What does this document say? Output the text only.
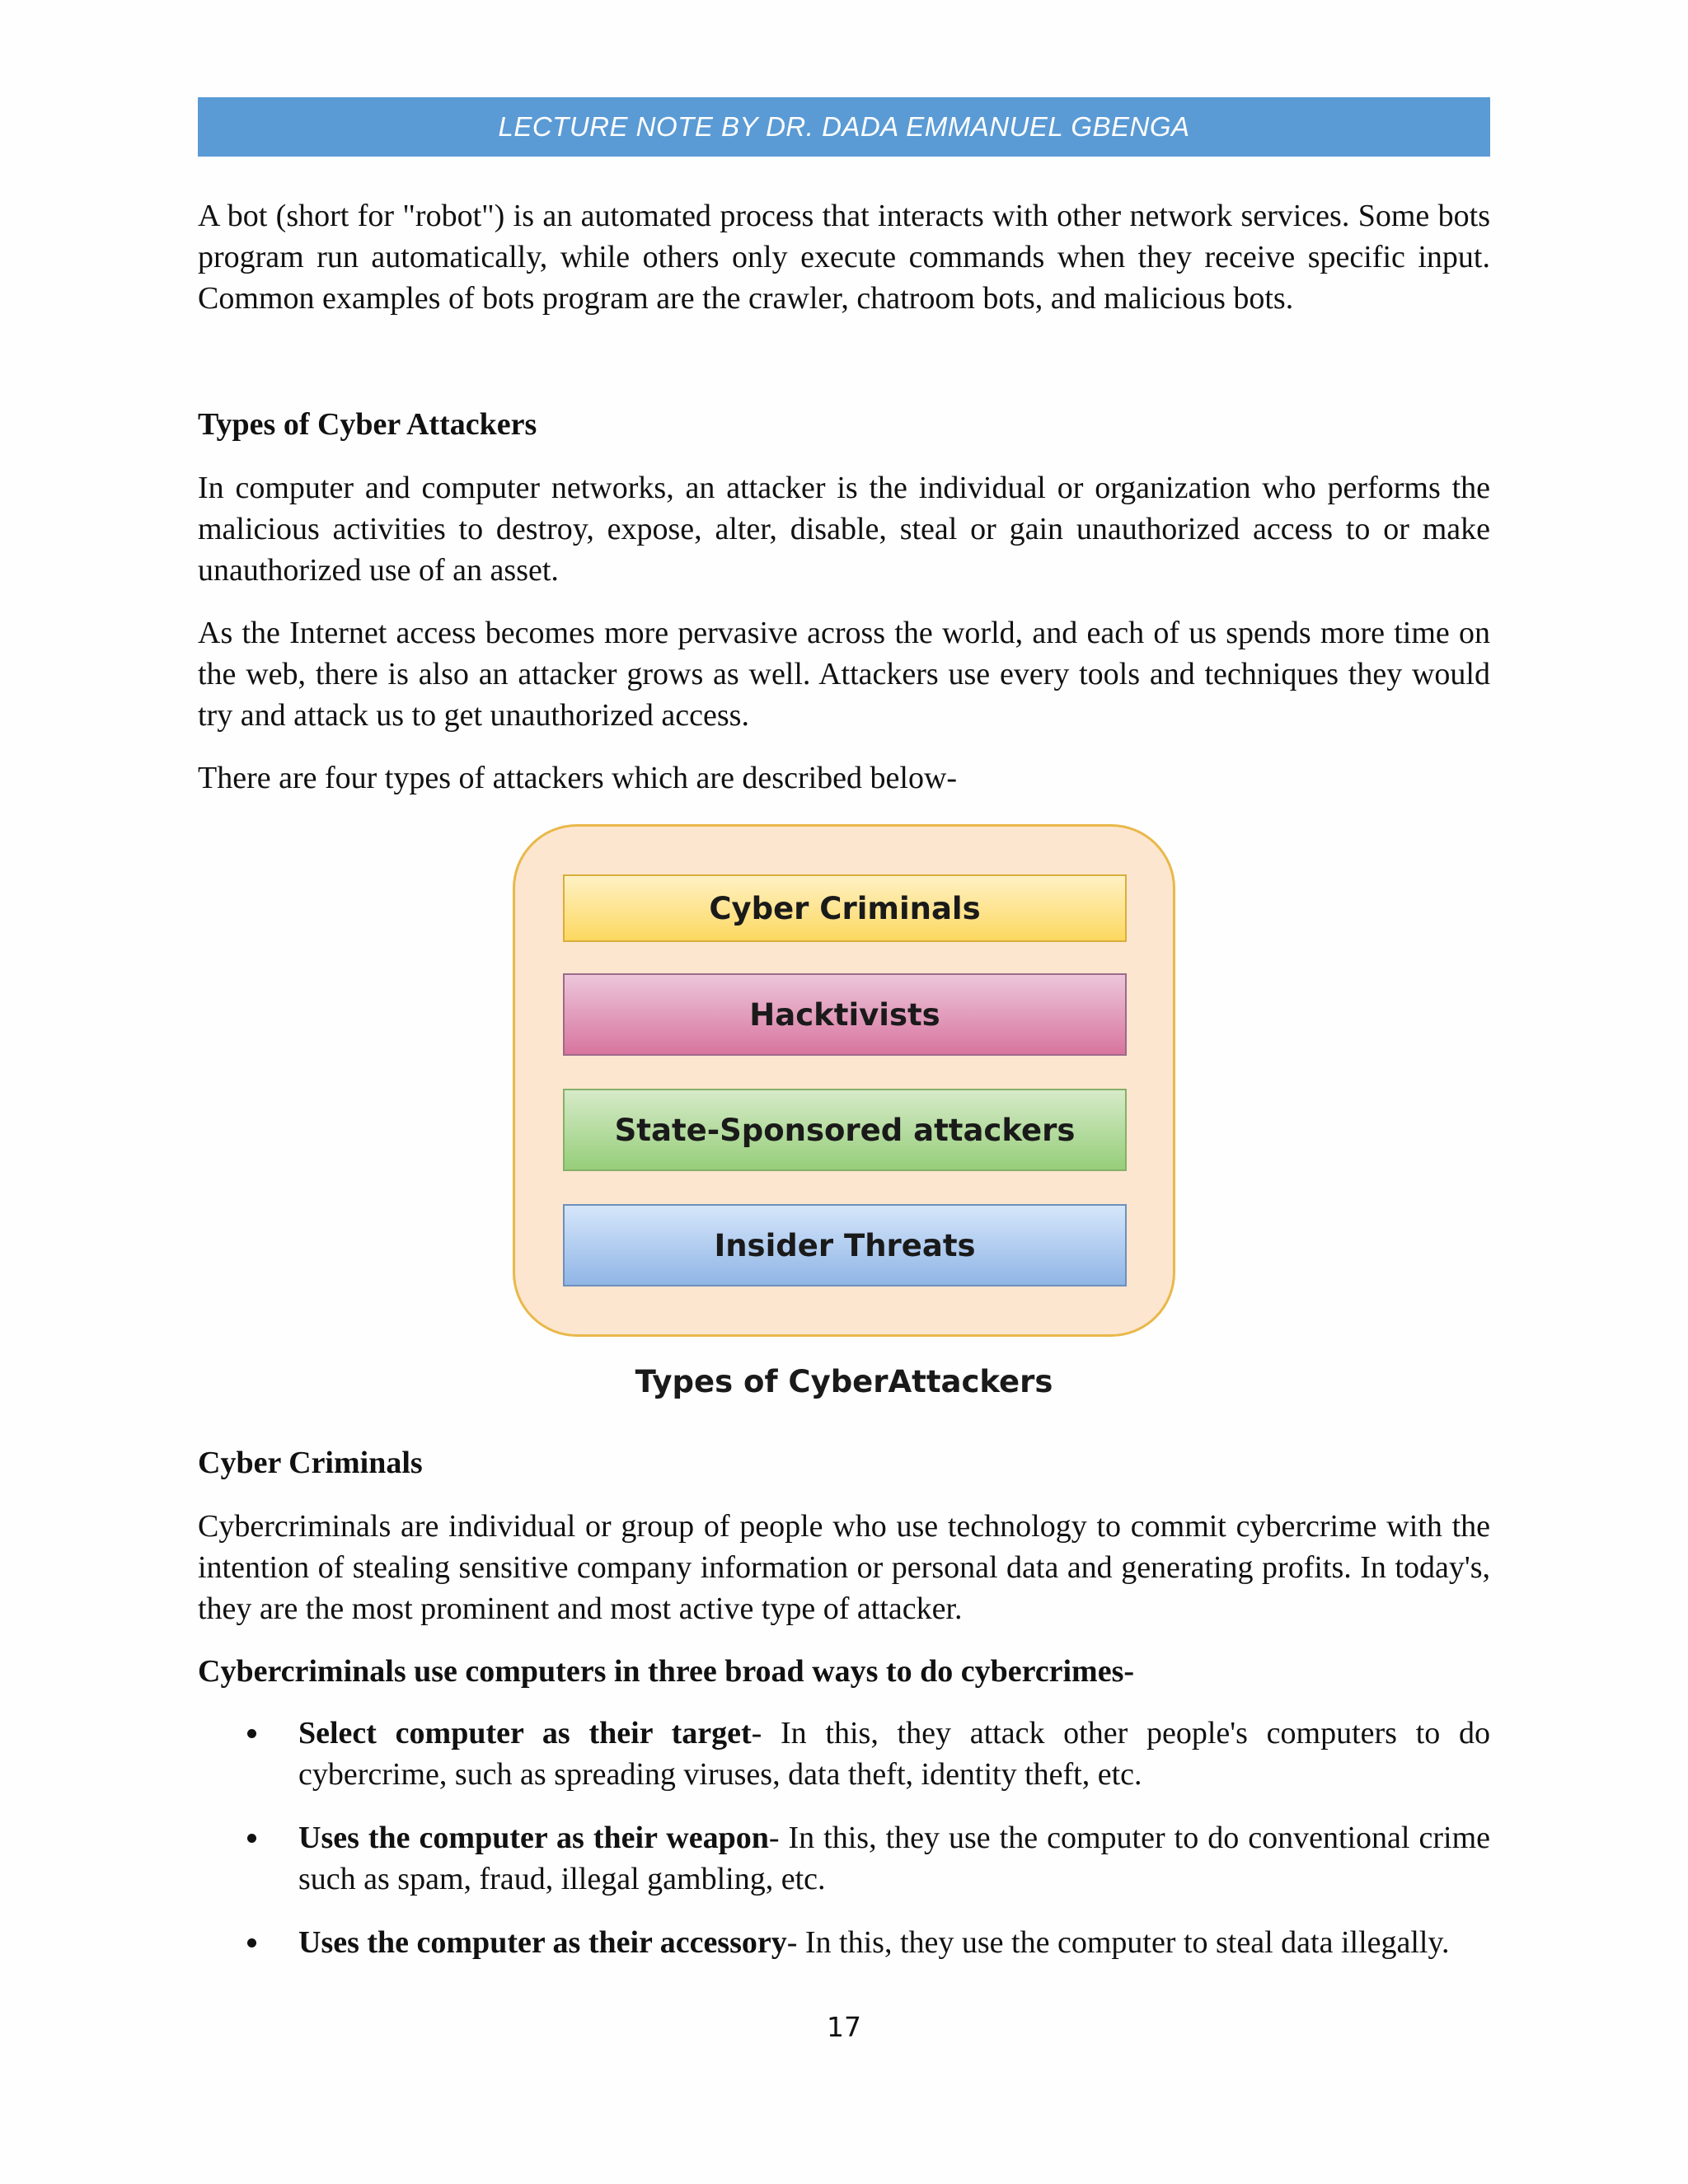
LECTURE NOTE BY DR. DADA EMMANUEL GBENGA
A bot (short for "robot") is an automated process that interacts with other network services. Some bots program run automatically, while others only execute commands when they receive specific input. Common examples of bots program are the crawler, chatroom bots, and malicious bots.
Types of Cyber Attackers
In computer and computer networks, an attacker is the individual or organization who performs the malicious activities to destroy, expose, alter, disable, steal or gain unauthorized access to or make unauthorized use of an asset.
As the Internet access becomes more pervasive across the world, and each of us spends more time on the web, there is also an attacker grows as well. Attackers use every tools and techniques they would try and attack us to get unauthorized access.
There are four types of attackers which are described below-
Cyber Criminals
Hacktivists
State-Sponsored attackers
Insider Threats
Types of CyberAttackers
Cyber Criminals
Cybercriminals are individual or group of people who use technology to commit cybercrime with the intention of stealing sensitive company information or personal data and generating profits. In today's, they are the most prominent and most active type of attacker.
Cybercriminals use computers in three broad ways to do cybercrimes-
Select computer as their target- In this, they attack other people's computers to do cybercrime, such as spreading viruses, data theft, identity theft, etc.
Uses the computer as their weapon- In this, they use the computer to do conventional crime such as spam, fraud, illegal gambling, etc.
Uses the computer as their accessory- In this, they use the computer to steal data illegally.
17
